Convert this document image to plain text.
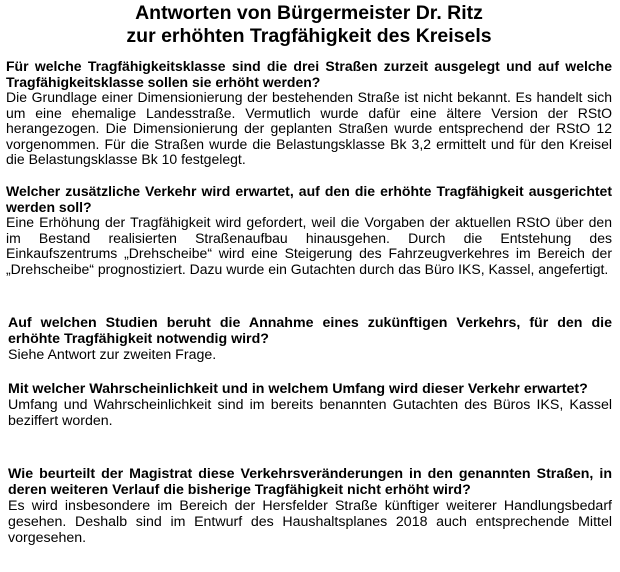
Antworten von Bürgermeister Dr. Ritz
zur erhöhten Tragfähigkeit des Kreisels

Für welche Tragfähigkeitsklasse sind die drei Straßen zurzeit ausgelegt und auf welche Tragfähigkeitsklasse sollen sie erhöht werden?

Die Grundlage einer Dimensionierung der bestehenden Straße ist nicht bekannt. Es handelt sich um eine ehemalige Landesstraße. Vermutlich wurde dafür eine ältere Version der RStO herangezogen. Die Dimensionierung der geplanten Straßen wurde entsprechend der RStO 12 vorgenommen. Für die Straßen wurde die Belastungsklasse Bk 3,2 ermittelt und für den Kreisel die Belastungsklasse Bk 10 festgelegt.

Welcher zusätzliche Verkehr wird erwartet, auf den die erhöhte Tragfähigkeit ausgerichtet werden soll?

Eine Erhöhung der Tragfähigkeit wird gefordert, weil die Vorgaben der aktuellen RStO über den im Bestand realisierten Straßenaufbau hinausgehen. Durch die Entstehung des Einkaufszentrums „Drehscheibe“ wird eine Steigerung des Fahrzeugverkehres im Bereich der „Drehscheibe“ prognostiziert. Dazu wurde ein Gutachten durch das Büro IKS, Kassel, angefertigt.

Auf welchen Studien beruht die Annahme eines zukünftigen Verkehrs, für den die erhöhte Tragfähigkeit notwendig wird?

Siehe Antwort zur zweiten Frage.

Mit welcher Wahrscheinlichkeit und in welchem Umfang wird dieser Verkehr erwartet?

Umfang und Wahrscheinlichkeit sind im bereits benannten Gutachten des Büros IKS, Kassel beziffert worden.

Wie beurteilt der Magistrat diese Verkehrsveränderungen in den genannten Straßen, in deren weiteren Verlauf die bisherige Tragfähigkeit nicht erhöht wird?

Es wird insbesondere im Bereich der Hersfelder Straße künftiger weiterer Handlungsbedarf gesehen. Deshalb sind im Entwurf des Haushaltsplanes 2018 auch entsprechende Mittel vorgesehen.
